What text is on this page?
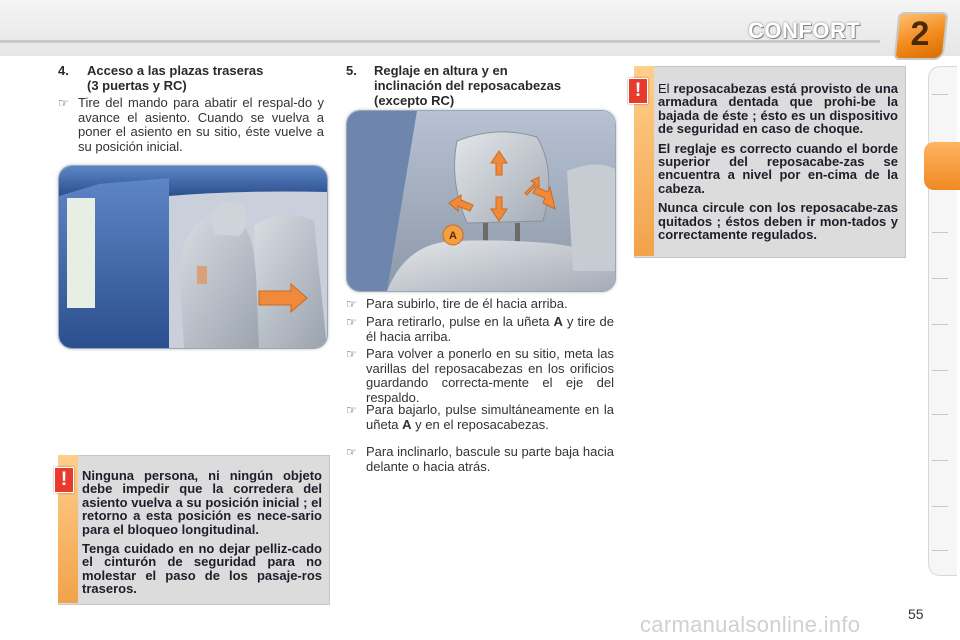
CONFORT	2
4.	Acceso a las plazas traseras
(3 puertas y RC)
☞ Tire del mando para abatir el respal-do y avance el asiento. Cuando se vuelva a poner el asiento en su sitio, éste vuelve a su posición inicial.
5.	Reglaje en altura y en
inclinación del reposacabezas
(excepto RC)
A
☞ Para subirlo, tire de él hacia arriba.
☞ Para retirarlo, pulse en la uñeta A y tire de él hacia arriba.
☞ Para volver a ponerlo en su sitio, meta las varillas del reposacabezas en los orificios guardando correcta-mente el eje del respaldo.
☞ Para bajarlo, pulse simultáneamente en la uñeta A y en el reposacabezas.
☞ Para inclinarlo, bascule su parte baja hacia delante o hacia atrás.
!	El reposacabezas está provisto de una armadura dentada que prohi-be la bajada de éste ; ésto es un dispositivo de seguridad en caso de choque.

El reglaje es correcto cuando el borde superior del reposacabe-zas se encuentra a nivel por en-cima de la cabeza.

Nunca circule con los reposacabe-zas quitados ; éstos deben ir mon-tados y correctamente regulados.

!	Ninguna persona, ni ningún objeto debe impedir que la corredera del asiento vuelva a su posición inicial ; el retorno a esta posición es nece-sario para el bloqueo longitudinal.

Tenga cuidado en no dejar pelliz-cado el cinturón de seguridad para no molestar el paso de los pasaje-ros traseros.

carmanualsonline.info	55
